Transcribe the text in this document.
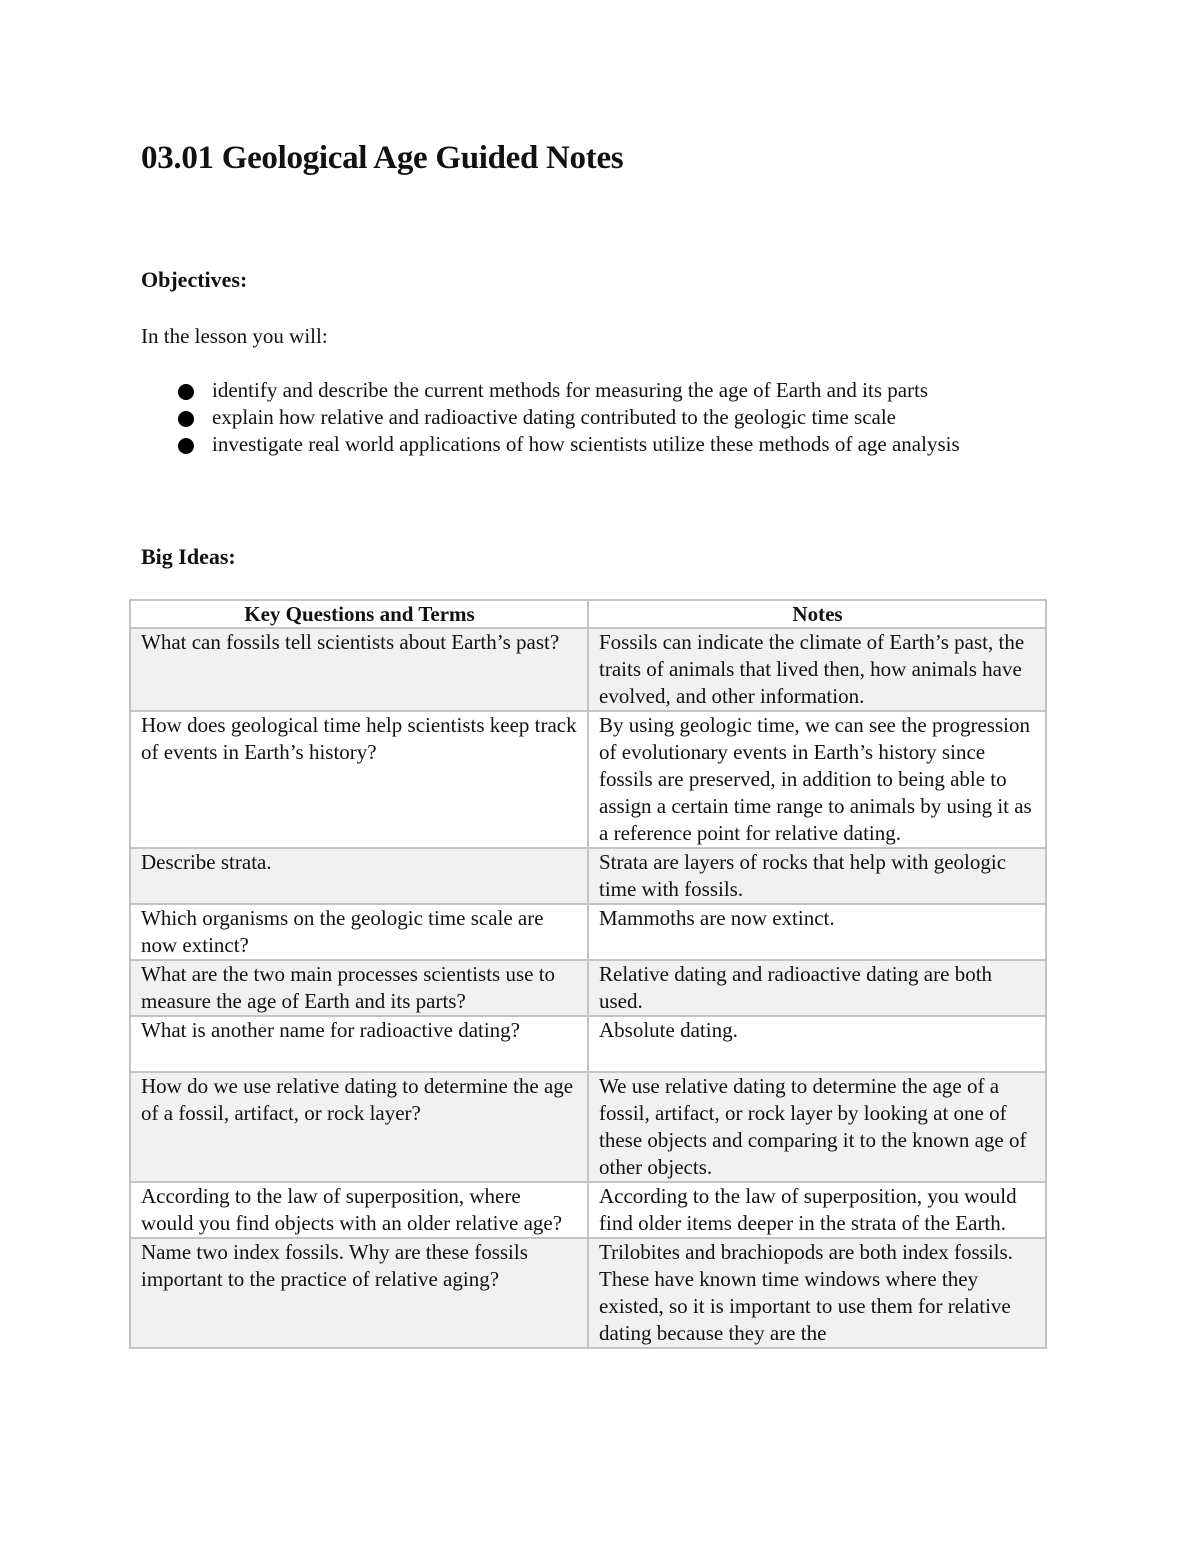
03.01 Geological Age Guided Notes
Objectives:

In the lesson you will:

identify and describe the current methods for measuring the age of Earth and its parts
explain how relative and radioactive dating contributed to the geologic time scale
investigate real world applications of how scientists utilize these methods of age analysis
Big Ideas:
Key Questions and Terms	Notes
What can fossils tell scientists about Earth’s past?	Fossils can indicate the climate of Earth’s past, the traits of animals that lived then, how animals have evolved, and other information.
How does geological time help scientists keep track of events in Earth’s history?	By using geologic time, we can see the progression of evolutionary events in Earth’s history since fossils are preserved, in addition to being able to assign a certain time range to animals by using it as a reference point for relative dating.
Describe strata.	Strata are layers of rocks that help with geologic time with fossils.
Which organisms on the geologic time scale are now extinct?	Mammoths are now extinct.
What are the two main processes scientists use to measure the age of Earth and its parts?	Relative dating and radioactive dating are both used.
What is another name for radioactive dating?	Absolute dating.
How do we use relative dating to determine the age of a fossil, artifact, or rock layer?	We use relative dating to determine the age of a fossil, artifact, or rock layer by looking at one of these objects and comparing it to the known age of other objects.
According to the law of superposition, where would you find objects with an older relative age?	According to the law of superposition, you would find older items deeper in the strata of the Earth.

Name two index fossils. Why are these fossils important to the practice of relative aging?	Trilobites and brachiopods are both index fossils. These have known time windows where they existed, so it is important to use them for relative dating because they are the
